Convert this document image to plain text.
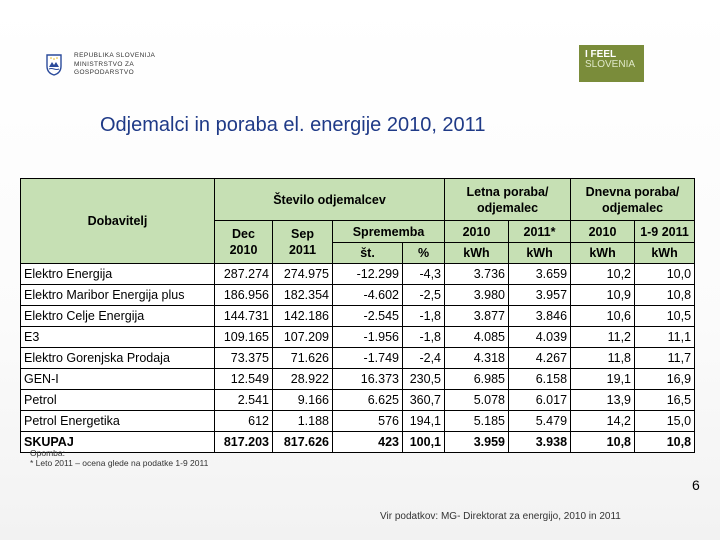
REPUBLIKA SLOVENIJA
MINISTRSTVO ZA
GOSPODARSTVO
I FEEL
SLOVENIA
Odjemalci in poraba el. energije 2010, 2011
Dobavitelj	Število odjemalcev				Letna poraba/ odjemalec		Dnevna poraba/ odjemalec	
	Dec 2010	Sep 2011	Sprememba		2010	2011*	2010	1-9 2011
			št.	%	kWh	kWh	kWh	kWh
Elektro Energija	287.274	274.975	-12.299	-4,3	3.736	3.659	10,2	10,0
Elektro Maribor Energija plus	186.956	182.354	-4.602	-2,5	3.980	3.957	10,9	10,8
Elektro Celje Energija	144.731	142.186	-2.545	-1,8	3.877	3.846	10,6	10,5
E3	109.165	107.209	-1.956	-1,8	4.085	4.039	11,2	11,1
Elektro Gorenjska Prodaja	73.375	71.626	-1.749	-2,4	4.318	4.267	11,8	11,7
GEN-I	12.549	28.922	16.373	230,5	6.985	6.158	19,1	16,9
Petrol	2.541	9.166	6.625	360,7	5.078	6.017	13,9	16,5
Petrol Energetika	612	1.188	576	194,1	5.185	5.479	14,2	15,0
SKUPAJ	817.203	817.626	423	100,1	3.959	3.938	10,8	10,8
Opomba:
* Leto 2011 – ocena glede na podatke 1-9 2011
6
Vir podatkov: MG- Direktorat za energijo, 2010 in 2011
